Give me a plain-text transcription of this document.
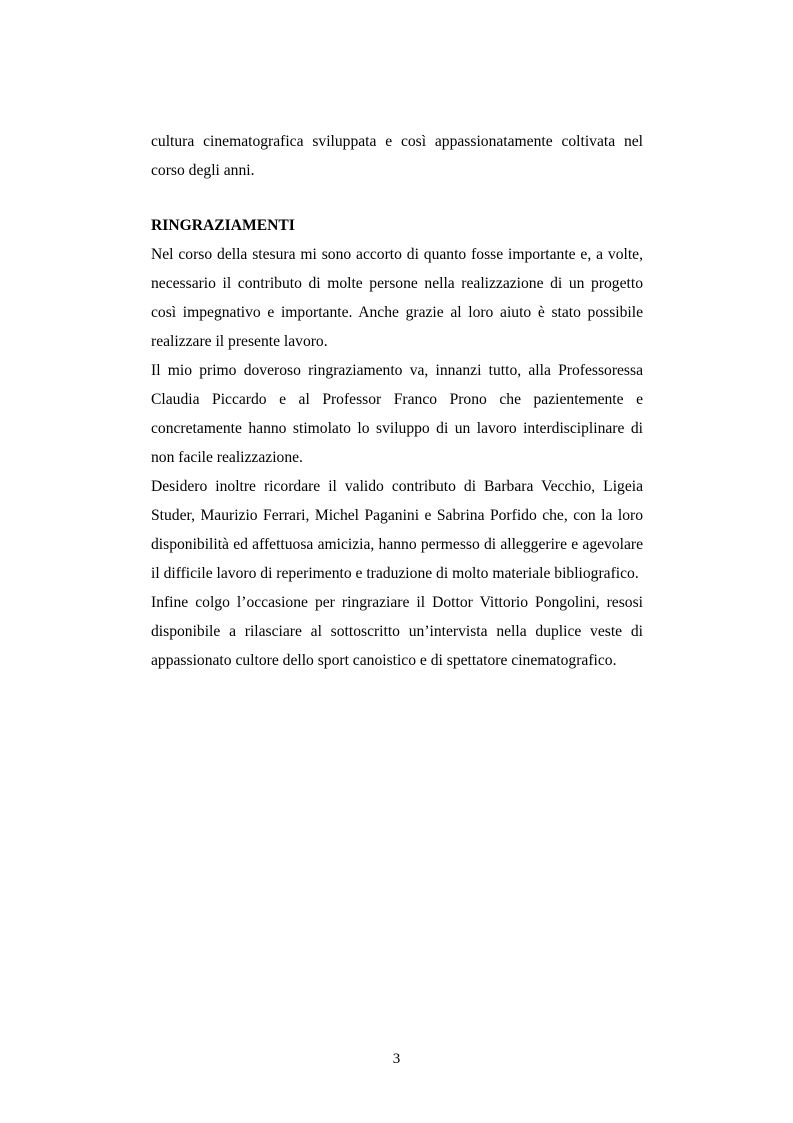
cultura cinematografica sviluppata e così appassionatamente coltivata nel corso degli anni.

RINGRAZIAMENTI

Nel corso della stesura mi sono accorto di quanto fosse importante e, a volte, necessario il contributo di molte persone nella realizzazione di un progetto così impegnativo e importante. Anche grazie al loro aiuto è stato possibile realizzare il presente lavoro.

Il mio primo doveroso ringraziamento va, innanzi tutto, alla Professoressa Claudia Piccardo e al Professor Franco Prono che pazientemente e concretamente hanno stimolato lo sviluppo di un lavoro interdisciplinare di non facile realizzazione.

Desidero inoltre ricordare il valido contributo di Barbara Vecchio, Ligeia Studer, Maurizio Ferrari, Michel Paganini e Sabrina Porfido che, con la loro disponibilità ed affettuosa amicizia, hanno permesso di alleggerire e agevolare il difficile lavoro di reperimento e traduzione di molto materiale bibliografico.

Infine colgo l’occasione per ringraziare il Dottor Vittorio Pongolini, resosi disponibile a rilasciare al sottoscritto un’intervista nella duplice veste di appassionato cultore dello sport canoistico e di spettatore cinematografico.

3
